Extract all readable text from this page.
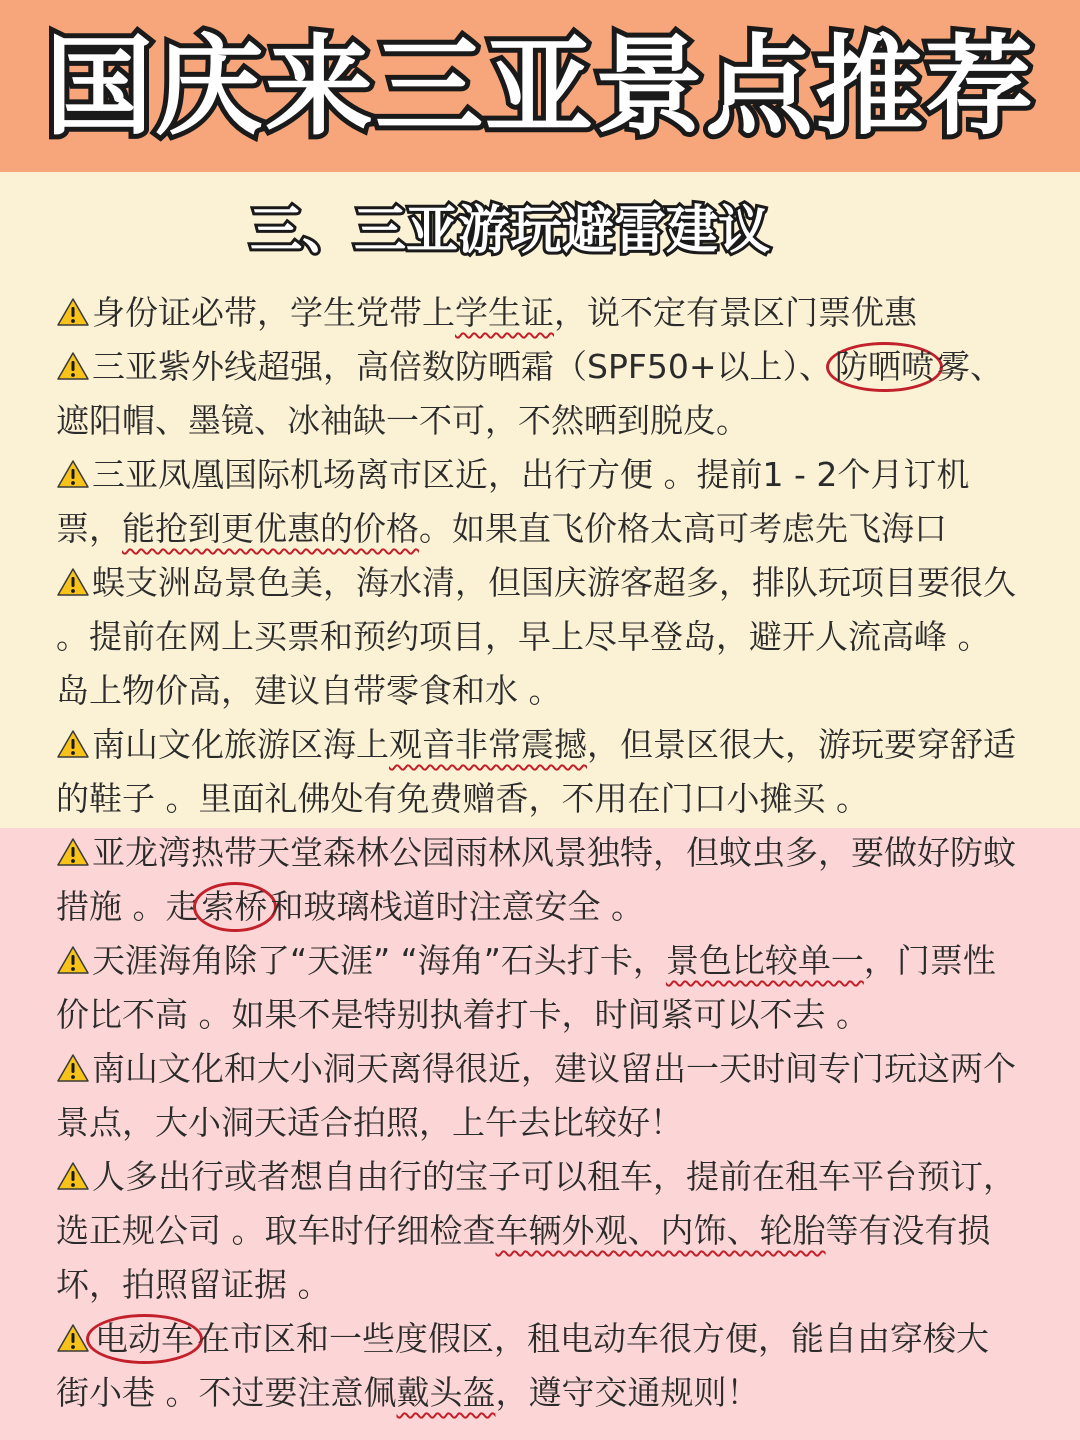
国庆来三亚景点推荐
三、三亚游玩避雷建议

身份证必带，学生党带上学生证，说不定有景区门票优惠

三亚紫外线超强，高倍数防晒霜（SPF50+以上）、防晒喷雾、遮阳帽、墨镜、冰袖缺一不可，不然晒到脱皮。

三亚凤凰国际机场离市区近，出行方便 。提前1 - 2个月订机票，能抢到更优惠的价格。如果直飞价格太高可考虑先飞海口

蜈支洲岛景色美，海水清，但国庆游客超多，排队玩项目要很久 。提前在网上买票和预约项目，早上尽早登岛，避开人流高峰 。岛上物价高，建议自带零食和水 。

南山文化旅游区海上观音非常震撼，但景区很大，游玩要穿舒适的鞋子 。里面礼佛处有免费赠香，不用在门口小摊买 。

亚龙湾热带天堂森林公园雨林风景独特，但蚊虫多，要做好防蚊措施 。走索桥和玻璃栈道时注意安全 。

天涯海角除了“天涯” “海角”石头打卡，景色比较单一，门票性价比不高 。如果不是特别执着打卡，时间紧可以不去 。

南山文化和大小洞天离得很近，建议留出一天时间专门玩这两个景点，大小洞天适合拍照，上午去比较好！

人多出行或者想自由行的宝子可以租车，提前在租车平台预订，选正规公司 。取车时仔细检查车辆外观、内饰、轮胎等有没有损坏，拍照留证据 。

电动车在市区和一些度假区，租电动车很方便，能自由穿梭大街小巷 。不过要注意佩戴头盔，遵守交通规则！
